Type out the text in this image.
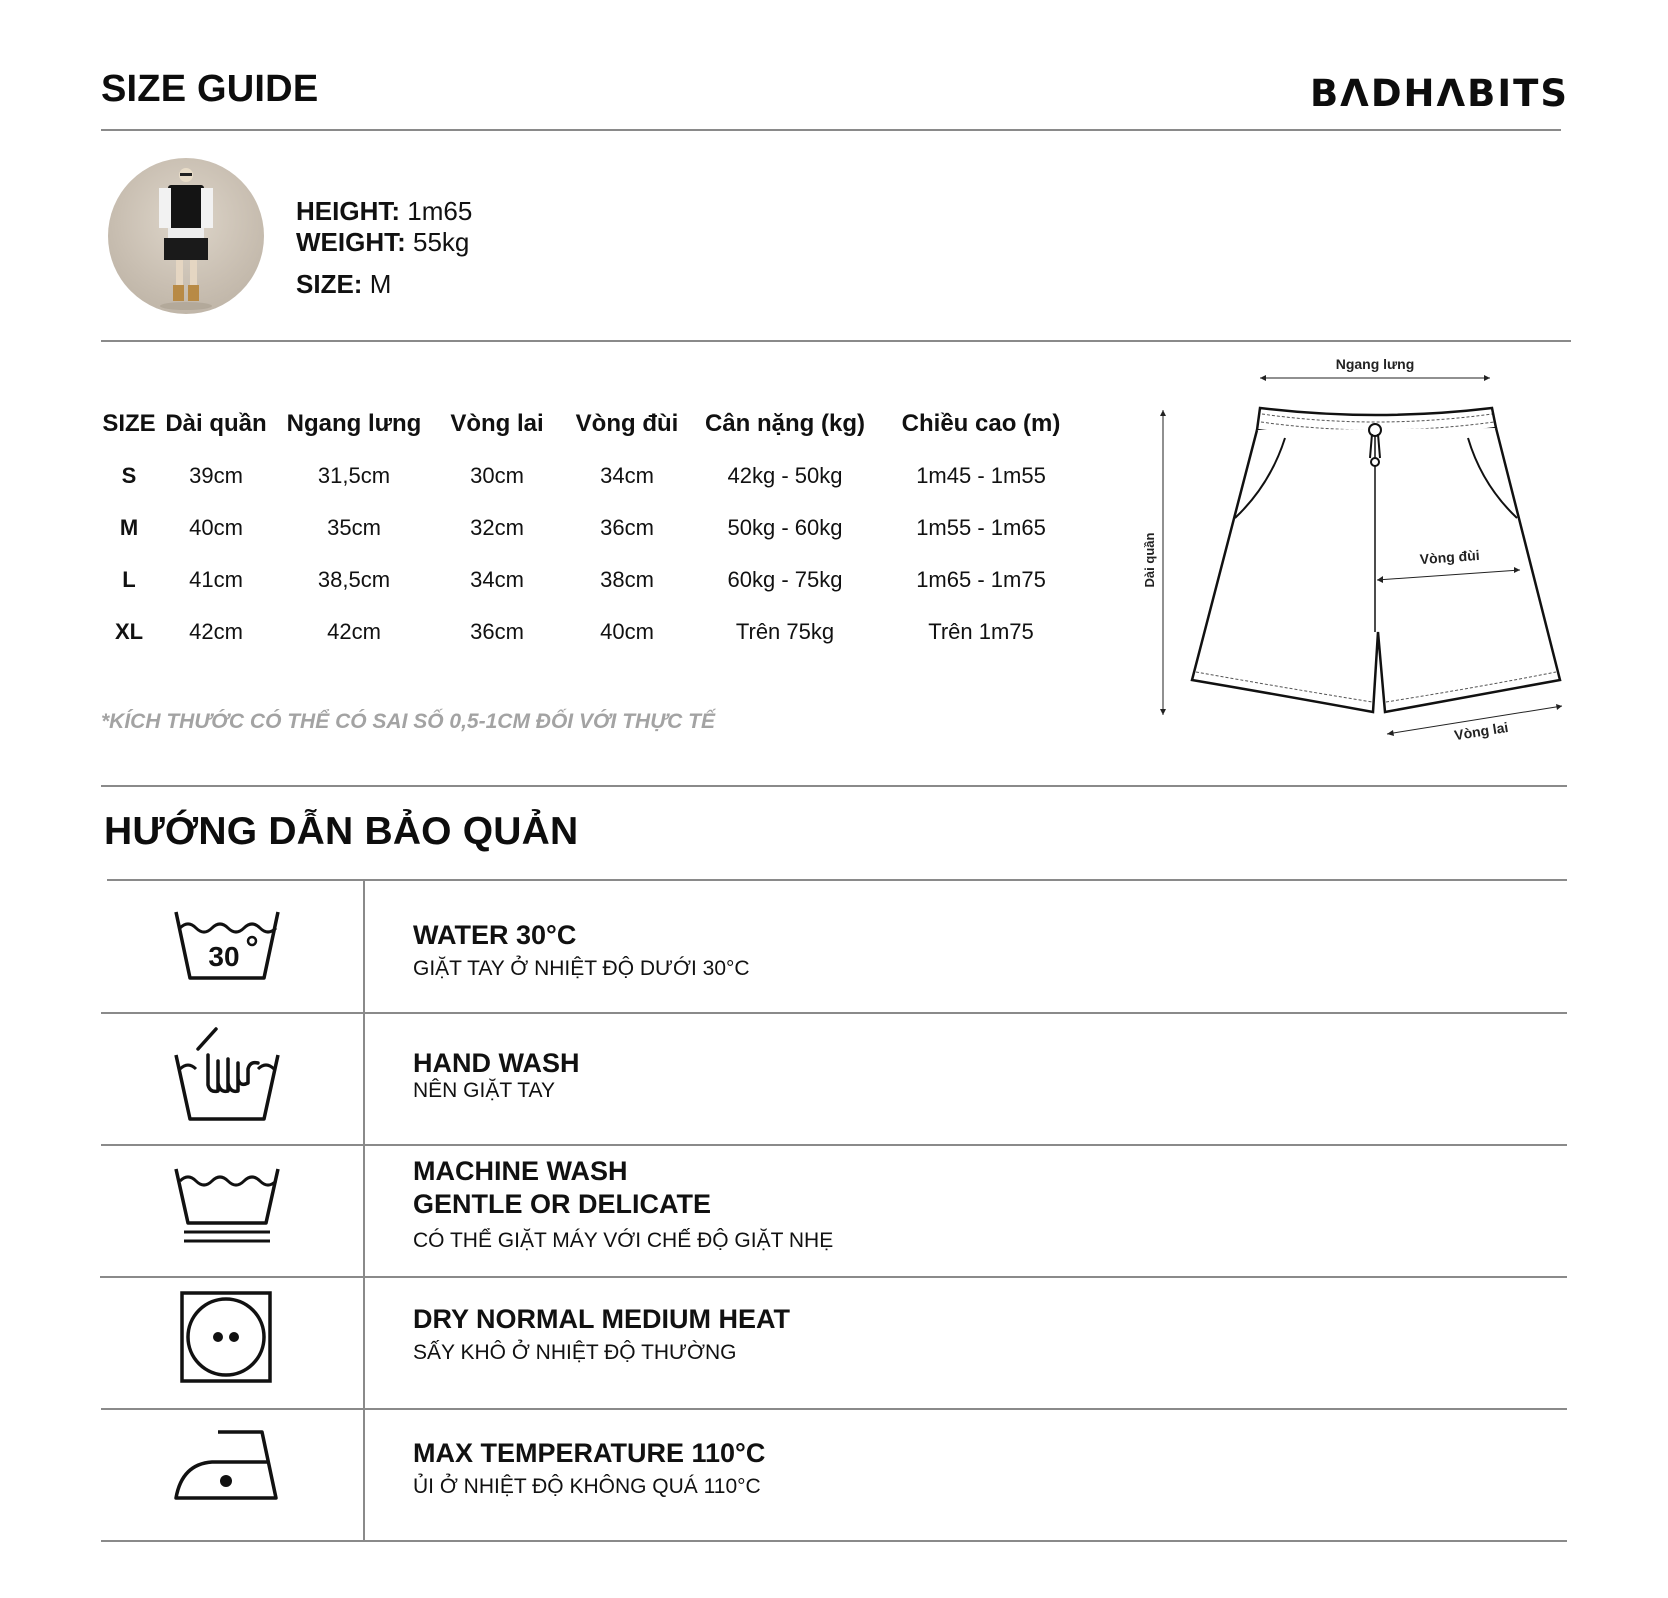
SIZE GUIDE	BΛDHΛBITS
HEIGHT: 1m65
WEIGHT: 55kg
SIZE: M
SIZE	Dài quần	Ngang lưng	Vòng lai	Vòng đùi	Cân nặng (kg)	Chiều cao (m)
S	39cm	31,5cm	30cm	34cm	42kg - 50kg	1m45 - 1m55
M	40cm	35cm	32cm	36cm	50kg - 60kg	1m55 - 1m65
L	41cm	38,5cm	34cm	38cm	60kg - 75kg	1m65 - 1m75
XL	42cm	42cm	36cm	40cm	Trên 75kg	Trên 1m75
*KÍCH THƯỚC CÓ THỂ CÓ SAI SỐ 0,5-1CM ĐỐI VỚI THỰC TẾ
Ngang lưng
Dài quần	Vòng đùi
Vòng lai
HƯỚNG DẪN BẢO QUẢN
30
WATER 30°C
GIẶT TAY Ở NHIỆT ĐỘ DƯỚI 30°C
HAND WASH
NÊN GIẶT TAY
MACHINE WASH
GENTLE OR DELICATE
CÓ THỂ GIẶT MÁY VỚI CHẾ ĐỘ GIẶT NHẸ
DRY NORMAL MEDIUM HEAT
SẤY KHÔ Ở NHIỆT ĐỘ THƯỜNG
MAX TEMPERATURE 110°C
ỦI Ở NHIỆT ĐỘ KHÔNG QUÁ 110°C
